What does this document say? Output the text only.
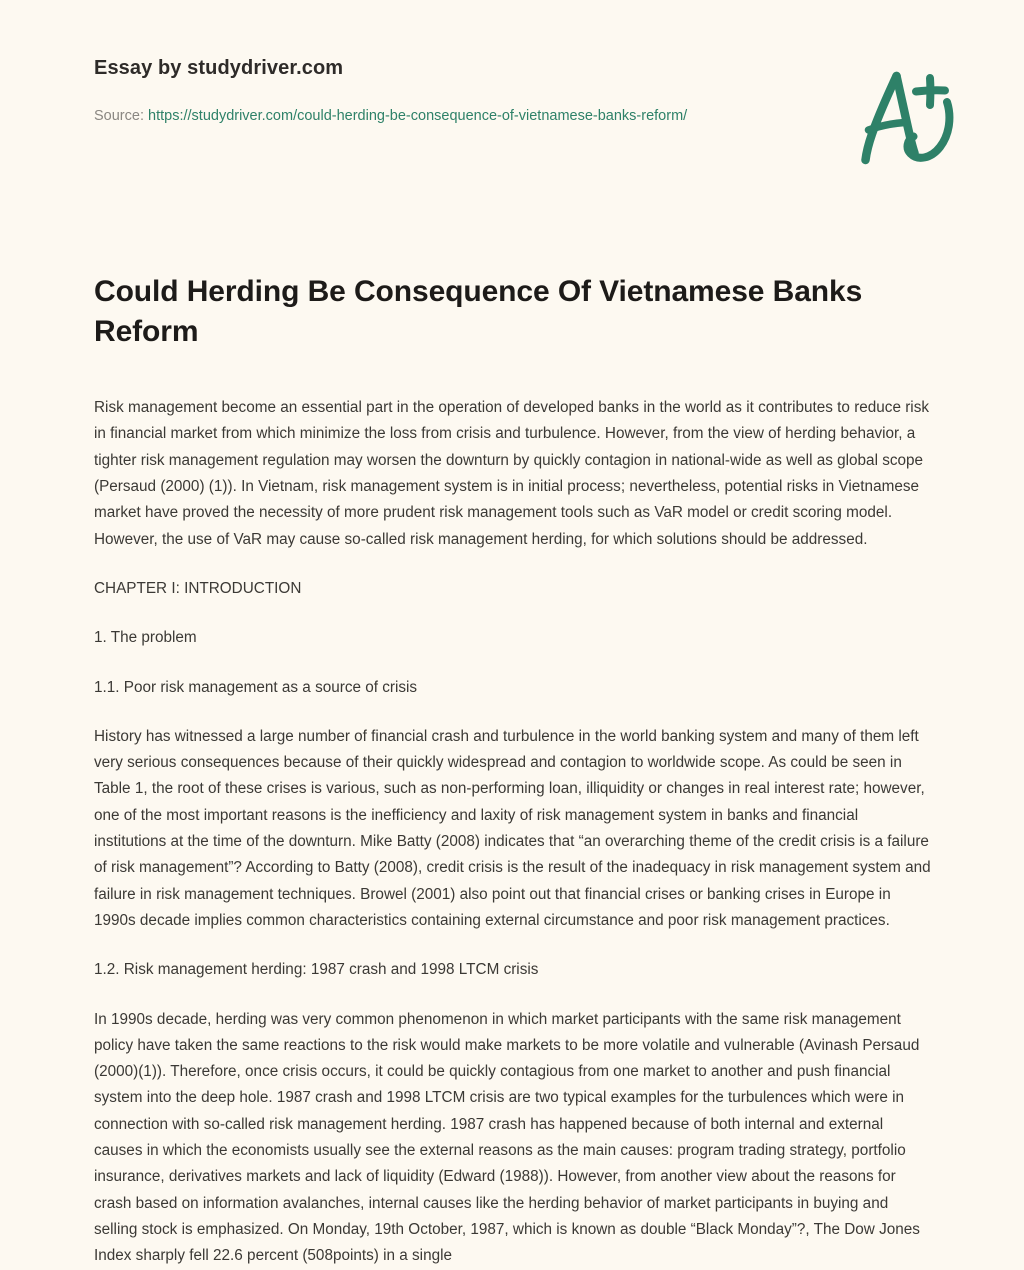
Essay by studydriver.com
Source: https://studydriver.com/could-herding-be-consequence-of-vietnamese-banks-reform/
Could Herding Be Consequence Of Vietnamese Banks Reform

Risk management become an essential part in the operation of developed banks in the world as it contributes to reduce risk in financial market from which minimize the loss from crisis and turbulence. However, from the view of herding behavior, a tighter risk management regulation may worsen the downturn by quickly contagion in national-wide as well as global scope (Persaud (2000) (1)). In Vietnam, risk management system is in initial process; nevertheless, potential risks in Vietnamese market have proved the necessity of more prudent risk management tools such as VaR model or credit scoring model. However, the use of VaR may cause so-called risk management herding, for which solutions should be addressed.

CHAPTER I: INTRODUCTION

1. The problem

1.1. Poor risk management as a source of crisis

History has witnessed a large number of financial crash and turbulence in the world banking system and many of them left very serious consequences because of their quickly widespread and contagion to worldwide scope. As could be seen in Table 1, the root of these crises is various, such as non-performing loan, illiquidity or changes in real interest rate; however, one of the most important reasons is the inefficiency and laxity of risk management system in banks and financial institutions at the time of the downturn. Mike Batty (2008) indicates that “an overarching theme of the credit crisis is a failure of risk management”? According to Batty (2008), credit crisis is the result of the inadequacy in risk management system and failure in risk management techniques. Browel (2001) also point out that financial crises or banking crises in Europe in 1990s decade implies common characteristics containing external circumstance and poor risk management practices.

1.2. Risk management herding: 1987 crash and 1998 LTCM crisis

In 1990s decade, herding was very common phenomenon in which market participants with the same risk management policy have taken the same reactions to the risk would make markets to be more volatile and vulnerable (Avinash Persaud (2000)(1)). Therefore, once crisis occurs, it could be quickly contagious from one market to another and push financial system into the deep hole. 1987 crash and 1998 LTCM crisis are two typical examples for the turbulences which were in connection with so-called risk management herding. 1987 crash has happened because of both internal and external causes in which the economists usually see the external reasons as the main causes: program trading strategy, portfolio insurance, derivatives markets and lack of liquidity (Edward (1988)). However, from another view about the reasons for crash based on information avalanches, internal causes like the herding behavior of market participants in buying and selling stock is emphasized. On Monday, 19th October, 1987, which is known as double “Black Monday”?, The Dow Jones Index sharply fell 22.6 percent (508points) in a single
